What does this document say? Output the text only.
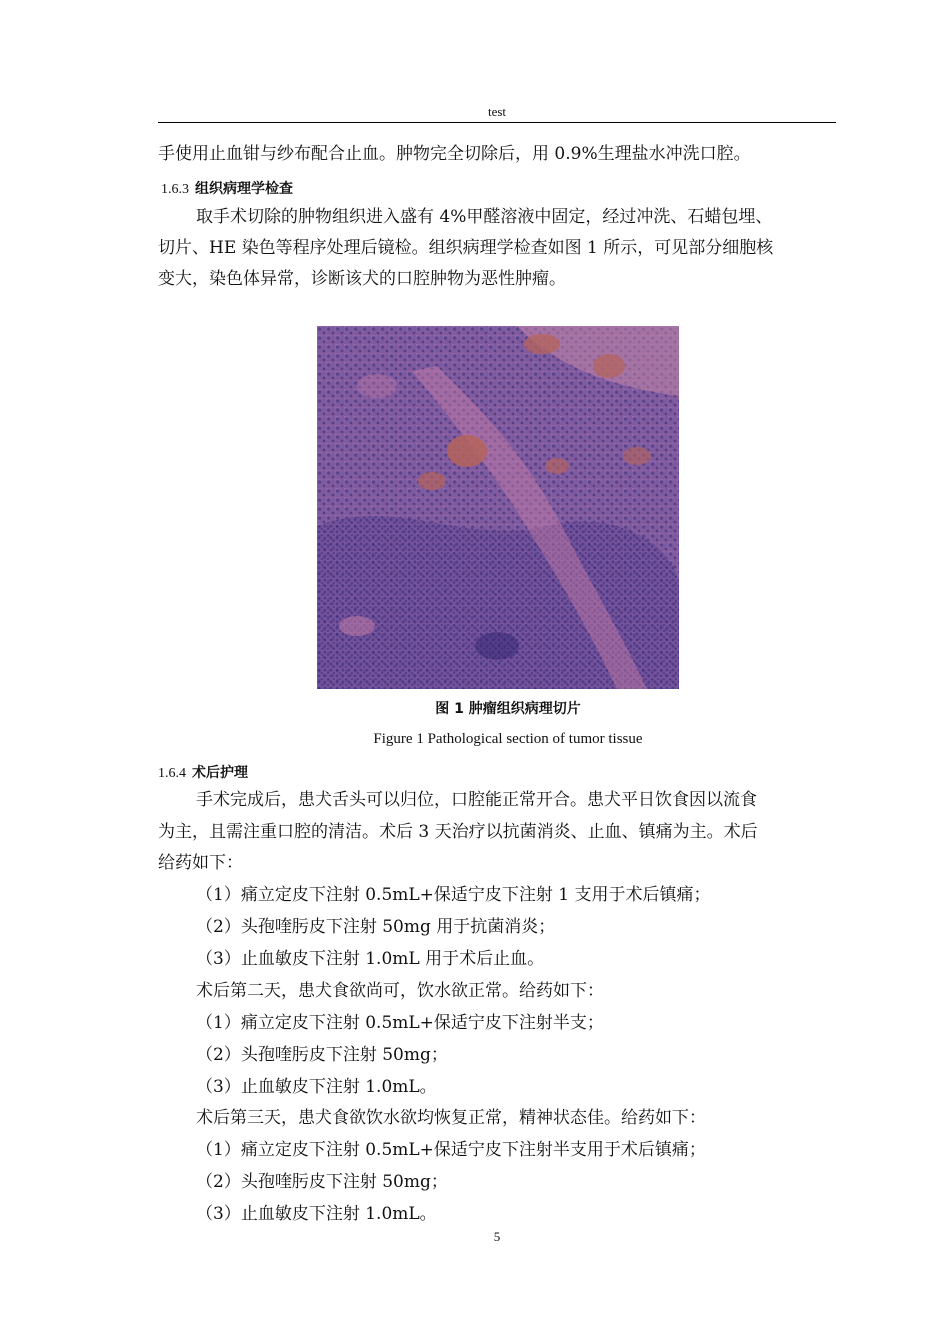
test
手使用止血钳与纱布配合止血。肿物完全切除后，用 0.9%生理盐水冲洗口腔。
1.6.3 组织病理学检查
取手术切除的肿物组织进入盛有 4%甲醛溶液中固定，经过冲洗、石蜡包埋、
切片、HE 染色等程序处理后镜检。组织病理学检查如图 1 所示，可见部分细胞核
变大，染色体异常，诊断该犬的口腔肿物为恶性肿瘤。
图 1 肿瘤组织病理切片
Figure 1 Pathological section of tumor tissue
1.6.4 术后护理
手术完成后，患犬舌头可以归位，口腔能正常开合。患犬平日饮食因以流食
为主，且需注重口腔的清洁。术后 3 天治疗以抗菌消炎、止血、镇痛为主。术后
给药如下：
（1）痛立定皮下注射 0.5mL+保适宁皮下注射 1 支用于术后镇痛；
（2）头孢喹肟皮下注射 50mg 用于抗菌消炎；
（3）止血敏皮下注射 1.0mL 用于术后止血。
术后第二天，患犬食欲尚可，饮水欲正常。给药如下：
（1）痛立定皮下注射 0.5mL+保适宁皮下注射半支；
（2）头孢喹肟皮下注射 50mg；
（3）止血敏皮下注射 1.0mL。
术后第三天，患犬食欲饮水欲均恢复正常，精神状态佳。给药如下：
（1）痛立定皮下注射 0.5mL+保适宁皮下注射半支用于术后镇痛；
（2）头孢喹肟皮下注射 50mg；
（3）止血敏皮下注射 1.0mL。
5
